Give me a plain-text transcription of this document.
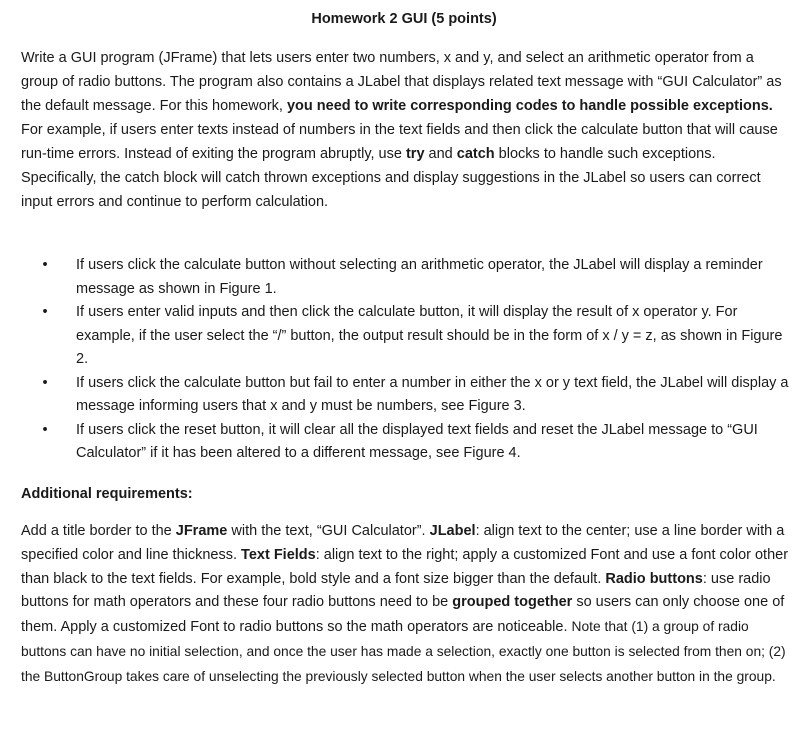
Homework 2 GUI (5 points)

Write a GUI program (JFrame) that lets users enter two numbers, x and y, and select an arithmetic operator from a group of radio buttons. The program also contains a JLabel that displays related text message with “GUI Calculator” as the default message. For this homework, you need to write corresponding codes to handle possible exceptions. For example, if users enter texts instead of numbers in the text fields and then click the calculate button that will cause run-time errors. Instead of exiting the program abruptly, use try and catch blocks to handle such exceptions. Specifically, the catch block will catch thrown exceptions and display suggestions in the JLabel so users can correct input errors and continue to perform calculation.

• If users click the calculate button without selecting an arithmetic operator, the JLabel will display a reminder message as shown in Figure 1.
• If users enter valid inputs and then click the calculate button, it will display the result of x operator y. For example, if the user select the “/” button, the output result should be in the form of x / y = z, as shown in Figure 2.
• If users click the calculate button but fail to enter a number in either the x or y text field, the JLabel will display a message informing users that x and y must be numbers, see Figure 3.
• If users click the reset button, it will clear all the displayed text fields and reset the JLabel message to “GUI Calculator” if it has been altered to a different message, see Figure 4.
Additional requirements:

Add a title border to the JFrame with the text, “GUI Calculator”. JLabel: align text to the center; use a line border with a specified color and line thickness. Text Fields: align text to the right; apply a customized Font and use a font color other than black to the text fields. For example, bold style and a font size bigger than the default. Radio buttons: use radio buttons for math operators and these four radio buttons need to be grouped together so users can only choose one of them. Apply a customized Font to radio buttons so the math operators are noticeable. Note that (1) a group of radio buttons can have no initial selection, and once the user has made a selection, exactly one button is selected from then on; (2) the ButtonGroup takes care of unselecting the previously selected button when the user selects another button in the group.
